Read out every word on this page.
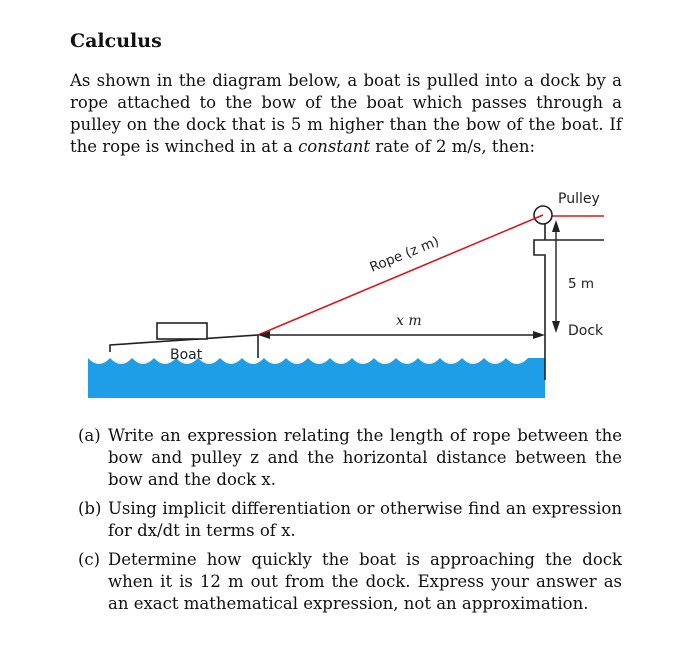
Calculus
As shown in the diagram below, a boat is pulled into a dock by a rope attached to the bow of the boat which passes through a pulley on the dock that is 5 m higher than the bow of the boat. If the rope is winched in at a constant rate of 2 m/s, then:
Boat
Pulley
Rope (z m)
x m
5 m
Dock
(a) Write an expression relating the length of rope between the bow and pulley z and the horizontal distance between the bow and the dock x.
(b) Using implicit differentiation or otherwise find an expression for dx/dt in terms of x.
(c) Determine how quickly the boat is approaching the dock when it is 12 m out from the dock. Express your answer as an exact mathematical expression, not an approximation.
